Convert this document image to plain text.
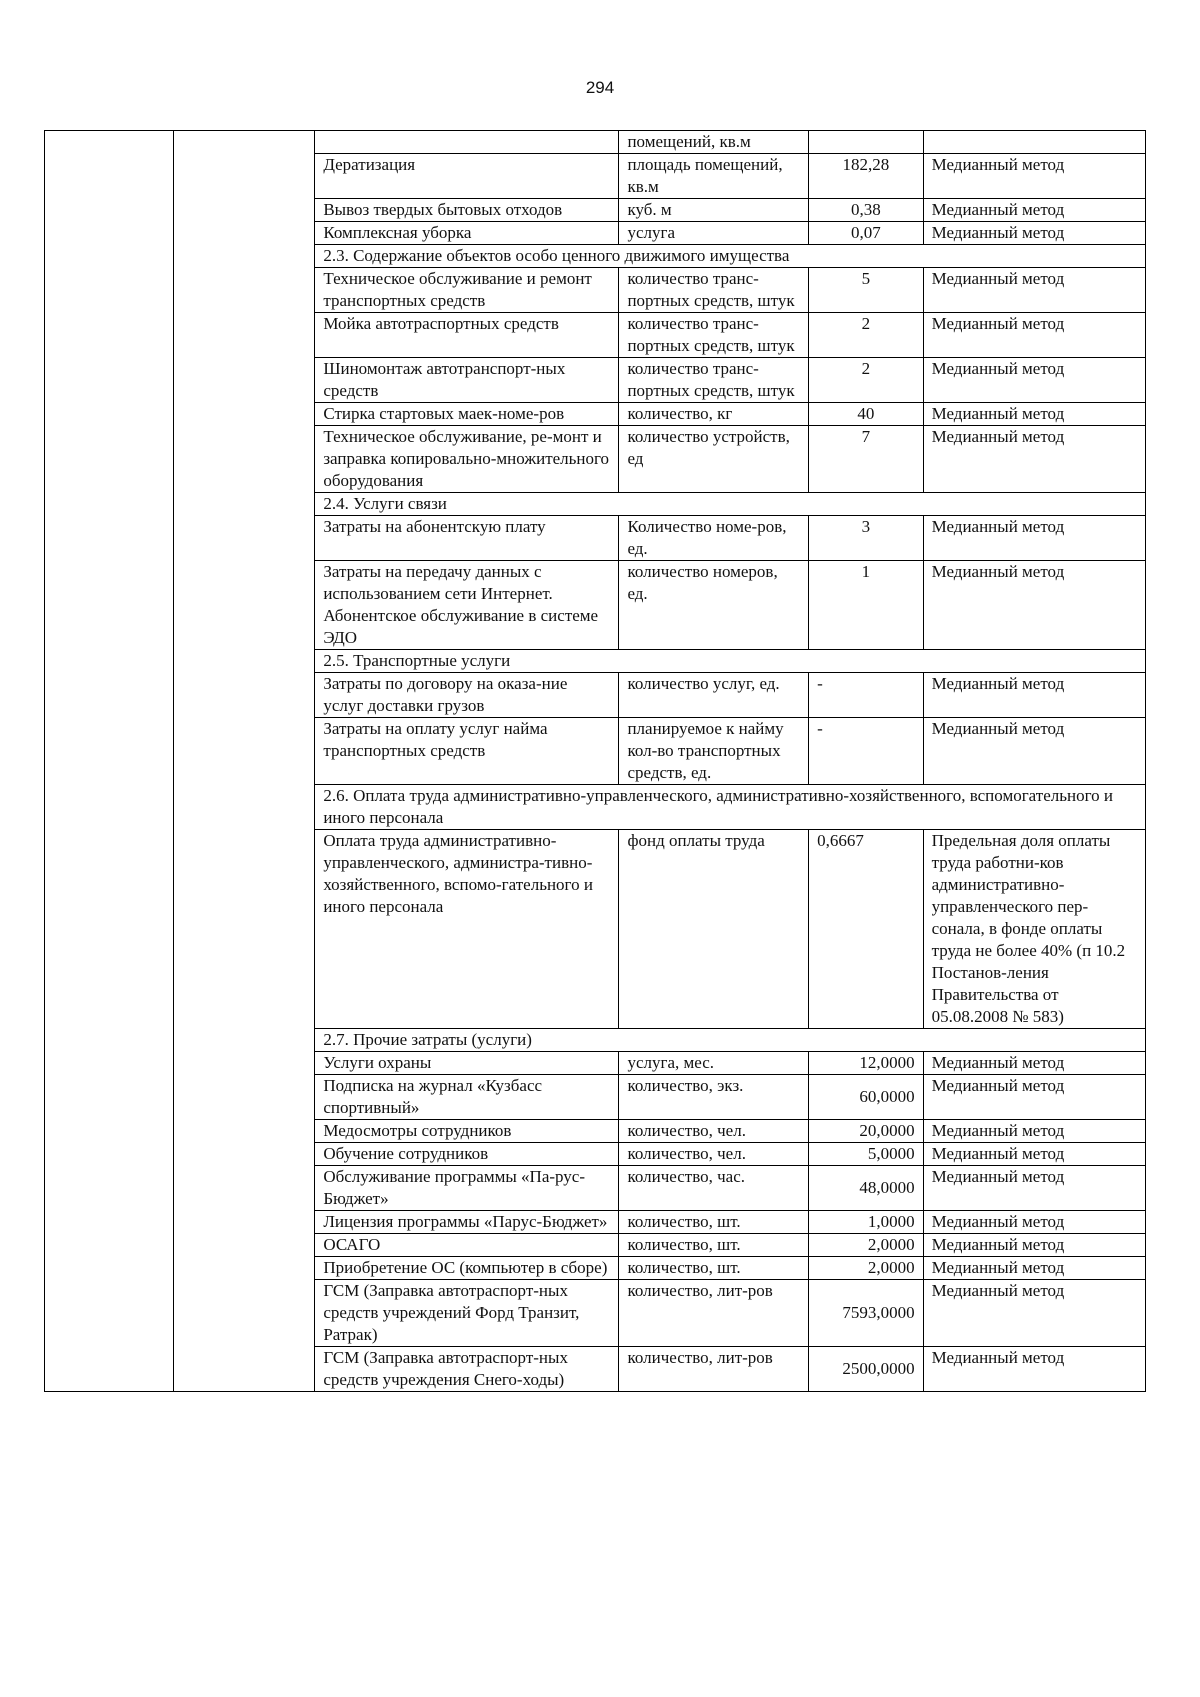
294
			помещений, кв.м		
		Дератизация	площадь помещений, кв.м	182,28	Медианный метод
		Вывоз твердых бытовых отходов	куб. м	0,38	Медианный метод
		Комплексная уборка	услуга	0,07	Медианный метод
		2.3. Содержание объектов особо ценного движимого имущества			
		Техническое обслуживание и ремонт транспортных средств	количество транс-портных средств, штук	5	Медианный метод
		Мойка автотраспортных средств	количество транс-портных средств, штук	2	Медианный метод
		Шиномонтаж автотранспорт-ных средств	количество транс-портных средств, штук	2	Медианный метод
		Стирка стартовых маек-номе-ров	количество, кг	40	Медианный метод
		Техническое обслуживание, ре-монт и заправка копировально-множительного оборудования	количество устройств, ед	7	Медианный метод
		2.4. Услуги связи			
		Затраты на абонентскую плату	Количество номе-ров, ед.	3	Медианный метод
		Затраты на передачу данных с использованием сети Интернет. Абонентское обслуживание в системе ЭДО	количество номеров, ед.	1	Медианный метод
		2.5. Транспортные услуги			
		Затраты по договору на оказа-ние услуг доставки грузов	количество услуг, ед.	-	Медианный метод
		Затраты на оплату услуг найма транспортных средств	планируемое к найму кол-во транспортных средств, ед.	-	Медианный метод
		2.6. Оплата труда административно-управленческого, административно-хозяйственного, вспомогательного и иного персонала			
		Оплата труда административно-управленческого, администра-тивно-хозяйственного, вспомо-гательного и иного персонала	фонд оплаты труда	0,6667	Предельная доля оплаты труда работни-ков административно-управленческого пер-сонала, в фонде оплаты труда не более 40% (п 10.2 Постанов-ления Правительства от 05.08.2008 № 583)
		2.7. Прочие затраты (услуги)			
		Услуги охраны	услуга, мес.	12,0000	Медианный метод
		Подписка на журнал «Кузбасс спортивный»	количество, экз.	60,0000	Медианный метод
		Медосмотры сотрудников	количество, чел.	20,0000	Медианный метод
		Обучение сотрудников	количество, чел.	5,0000	Медианный метод
		Обслуживание программы «Па-рус-Бюджет»	количество, час.	48,0000	Медианный метод
		Лицензия программы «Парус-Бюджет»	количество, шт.	1,0000	Медианный метод
		ОСАГО	количество, шт.	2,0000	Медианный метод
		Приобретение ОС (компьютер в сборе)	количество, шт.	2,0000	Медианный метод
		ГСМ (Заправка автотраспорт-ных средств учреждений Форд Транзит, Ратрак)	количество, лит-ров	7593,0000	Медианный метод
		ГСМ (Заправка автотраспорт-ных средств учреждения Снего-ходы)	количество, лит-ров	2500,0000	Медианный метод
